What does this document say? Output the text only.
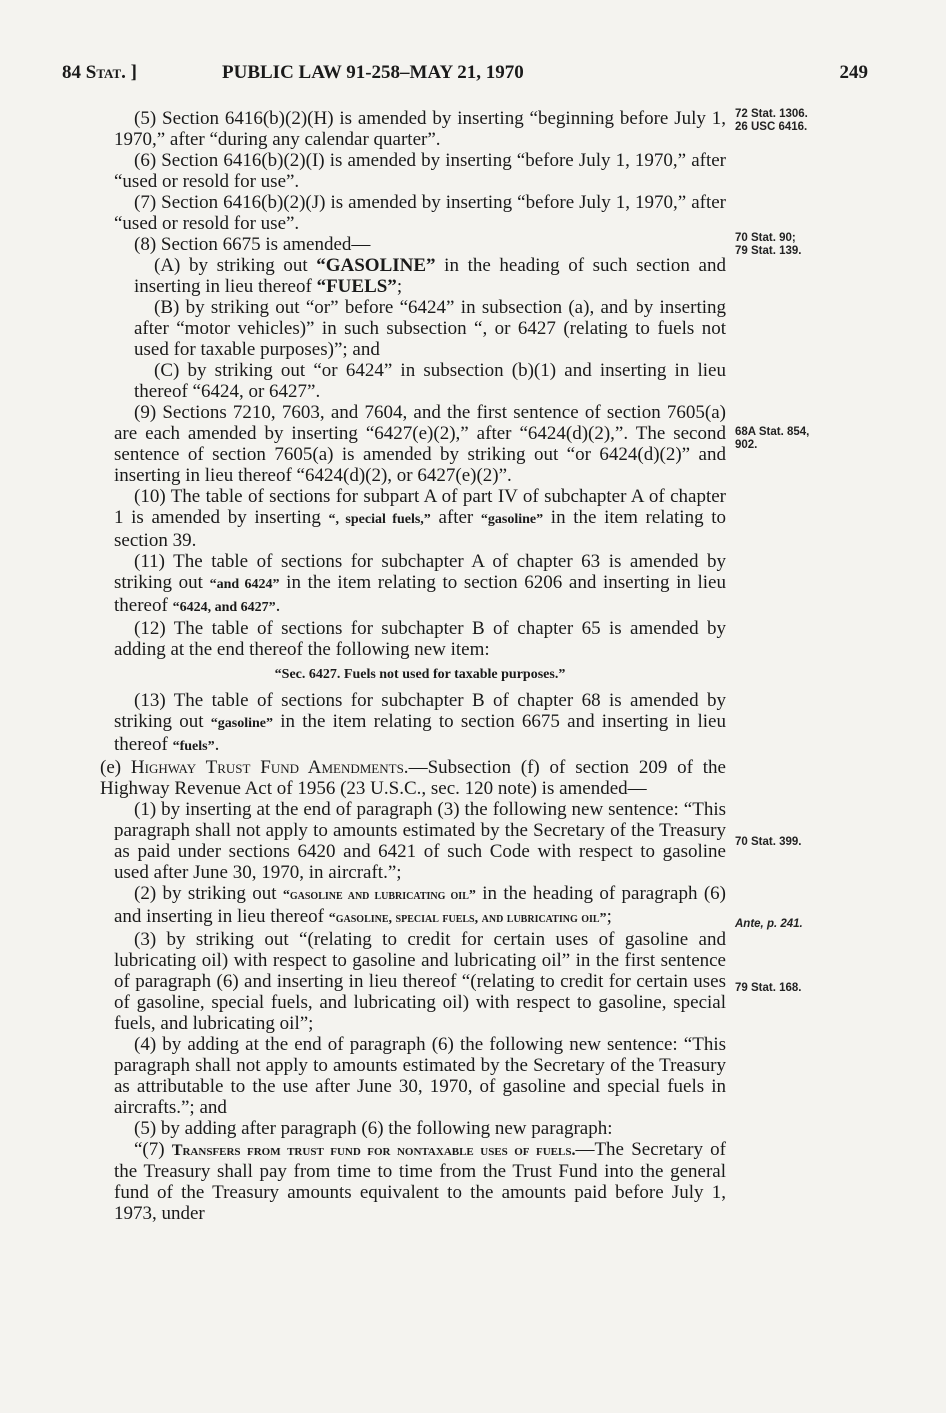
84 Stat. ]	PUBLIC LAW 91-258–MAY 21, 1970	249
72 Stat. 1306.
26 USC 6416.
70 Stat. 90;
79 Stat. 139.
68A Stat. 854,
902.
70 Stat. 399.
Ante, p. 241.
79 Stat. 168.

(5) Section 6416(b)(2)(H) is amended by inserting “beginning before July 1, 1970,” after “during any calendar quarter”.

(6) Section 6416(b)(2)(I) is amended by inserting “before July 1, 1970,” after “used or resold for use”.

(7) Section 6416(b)(2)(J) is amended by inserting “before July 1, 1970,” after “used or resold for use”.

(8) Section 6675 is amended—

(A) by striking out “GASOLINE” in the heading of such section and inserting in lieu thereof “FUELS”;

(B) by striking out “or” before “6424” in subsection (a), and by inserting after “motor vehicles)” in such subsection “, or 6427 (relating to fuels not used for taxable purposes)”; and

(C) by striking out “or 6424” in subsection (b)(1) and inserting in lieu thereof “6424, or 6427”.

(9) Sections 7210, 7603, and 7604, and the first sentence of section 7605(a) are each amended by inserting “6427(e)(2),” after “6424(d)(2),”. The second sentence of section 7605(a) is amended by striking out “or 6424(d)(2)” and inserting in lieu thereof “6424(d)(2), or 6427(e)(2)”.

(10) The table of sections for subpart A of part IV of subchapter A of chapter 1 is amended by inserting “, special fuels,” after “gasoline” in the item relating to section 39.

(11) The table of sections for subchapter A of chapter 63 is amended by striking out “and 6424” in the item relating to section 6206 and inserting in lieu thereof “6424, and 6427”.

(12) The table of sections for subchapter B of chapter 65 is amended by adding at the end thereof the following new item:

“Sec. 6427. Fuels not used for taxable purposes.”

(13) The table of sections for subchapter B of chapter 68 is amended by striking out “gasoline” in the item relating to section 6675 and inserting in lieu thereof “fuels”.

(e) Highway Trust Fund Amendments.—Subsection (f) of section 209 of the Highway Revenue Act of 1956 (23 U.S.C., sec. 120 note) is amended—

(1) by inserting at the end of paragraph (3) the following new sentence: “This paragraph shall not apply to amounts estimated by the Secretary of the Treasury as paid under sections 6420 and 6421 of such Code with respect to gasoline used after June 30, 1970, in aircraft.”;

(2) by striking out “gasoline and lubricating oil” in the heading of paragraph (6) and inserting in lieu thereof “gasoline, special fuels, and lubricating oil”;

(3) by striking out “(relating to credit for certain uses of gasoline and lubricating oil) with respect to gasoline and lubricating oil” in the first sentence of paragraph (6) and inserting in lieu thereof “(relating to credit for certain uses of gasoline, special fuels, and lubricating oil) with respect to gasoline, special fuels, and lubricating oil”;

(4) by adding at the end of paragraph (6) the following new sentence: “This paragraph shall not apply to amounts estimated by the Secretary of the Treasury as attributable to the use after June 30, 1970, of gasoline and special fuels in aircrafts.”; and

(5) by adding after paragraph (6) the following new paragraph:

“(7) Transfers from trust fund for nontaxable uses of fuels.—The Secretary of the Treasury shall pay from time to time from the Trust Fund into the general fund of the Treasury amounts equivalent to the amounts paid before July 1, 1973, under
